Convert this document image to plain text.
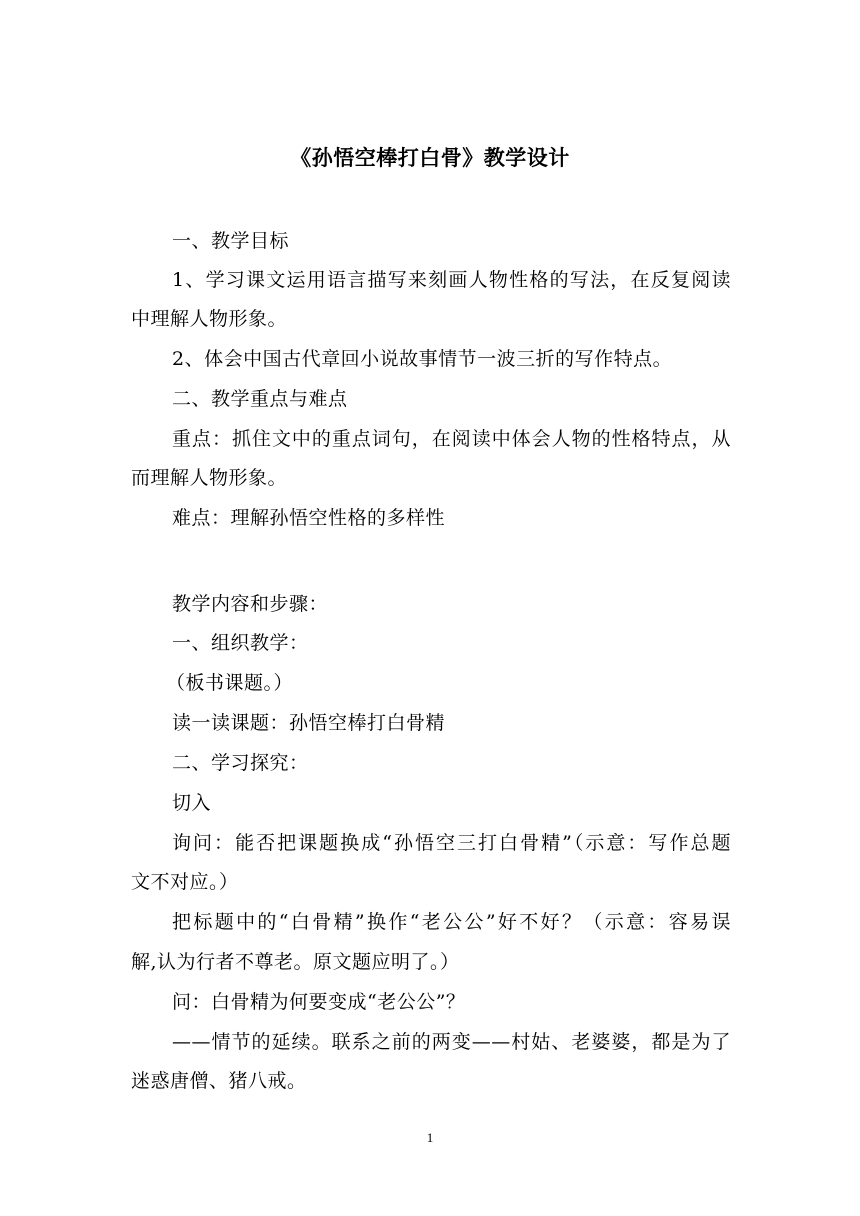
《孙悟空棒打白骨》教学设计
一、教学目标
1、学习课文运用语言描写来刻画人物性格的写法，在反复阅读
中理解人物形象。
2、体会中国古代章回小说故事情节一波三折的写作特点。
二、教学重点与难点
重点：抓住文中的重点词句，在阅读中体会人物的性格特点，从
而理解人物形象。
难点：理解孙悟空性格的多样性
教学内容和步骤：
一、组织教学：
（板书课题。）
读一读课题：孙悟空棒打白骨精
二、学习探究：
切入
询问：能否把课题换成“孙悟空三打白骨精”（示意：写作总题
文不对应。）
把标题中的“白骨精”换作“老公公”好不好？（示意：容易误
解,认为行者不尊老。原文题应明了。）
问：白骨精为何要变成“老公公”？
——情节的延续。联系之前的两变——村姑、老婆婆，都是为了
迷惑唐僧、猪八戒。
1
